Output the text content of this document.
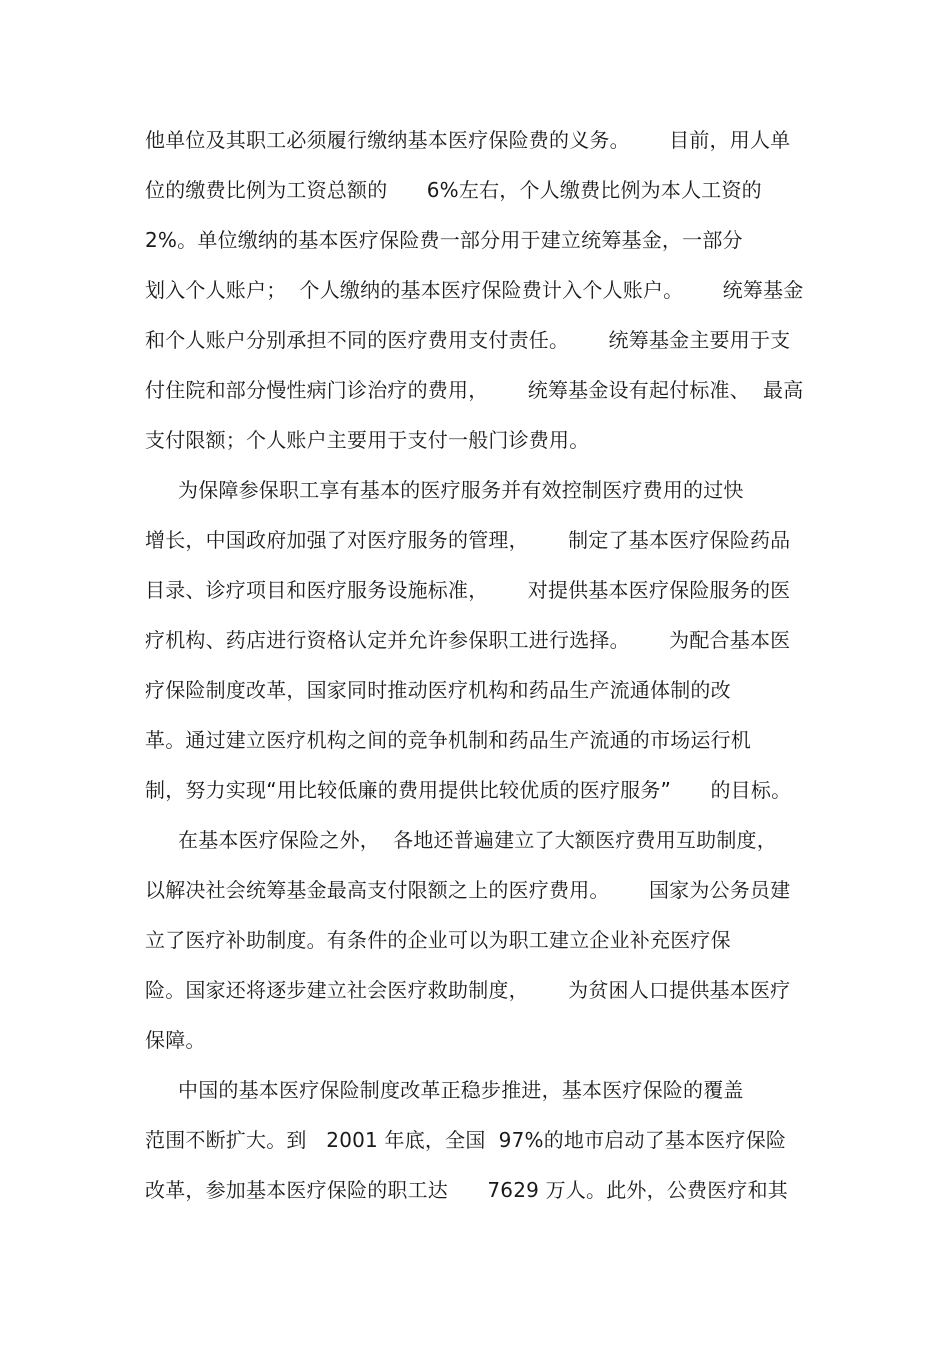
他单位及其职工必须履行缴纳基本医疗保险费的义务。      目前，用人单
位的缴费比例为工资总额的      6%左右，个人缴费比例为本人工资的
2%。单位缴纳的基本医疗保险费一部分用于建立统筹基金，一部分
划入个人账户；  个人缴纳的基本医疗保险费计入个人账户。      统筹基金
和个人账户分别承担不同的医疗费用支付责任。      统筹基金主要用于支
付住院和部分慢性病门诊治疗的费用，      统筹基金设有起付标准、  最高
支付限额；个人账户主要用于支付一般门诊费用。
为保障参保职工享有基本的医疗服务并有效控制医疗费用的过快
增长，中国政府加强了对医疗服务的管理，      制定了基本医疗保险药品
目录、诊疗项目和医疗服务设施标准，      对提供基本医疗保险服务的医
疗机构、药店进行资格认定并允许参保职工进行选择。      为配合基本医
疗保险制度改革，国家同时推动医疗机构和药品生产流通体制的改
革。通过建立医疗机构之间的竞争机制和药品生产流通的市场运行机
制，努力实现“用比较低廉的费用提供比较优质的医疗服务”      的目标。
在基本医疗保险之外，  各地还普遍建立了大额医疗费用互助制度，
以解决社会统筹基金最高支付限额之上的医疗费用。      国家为公务员建
立了医疗补助制度。有条件的企业可以为职工建立企业补充医疗保
险。国家还将逐步建立社会医疗救助制度，      为贫困人口提供基本医疗
保障。
中国的基本医疗保险制度改革正稳步推进，基本医疗保险的覆盖
范围不断扩大。到   2001 年底，全国  97%的地市启动了基本医疗保险
改革，参加基本医疗保险的职工达      7629 万人。此外，公费医疗和其
